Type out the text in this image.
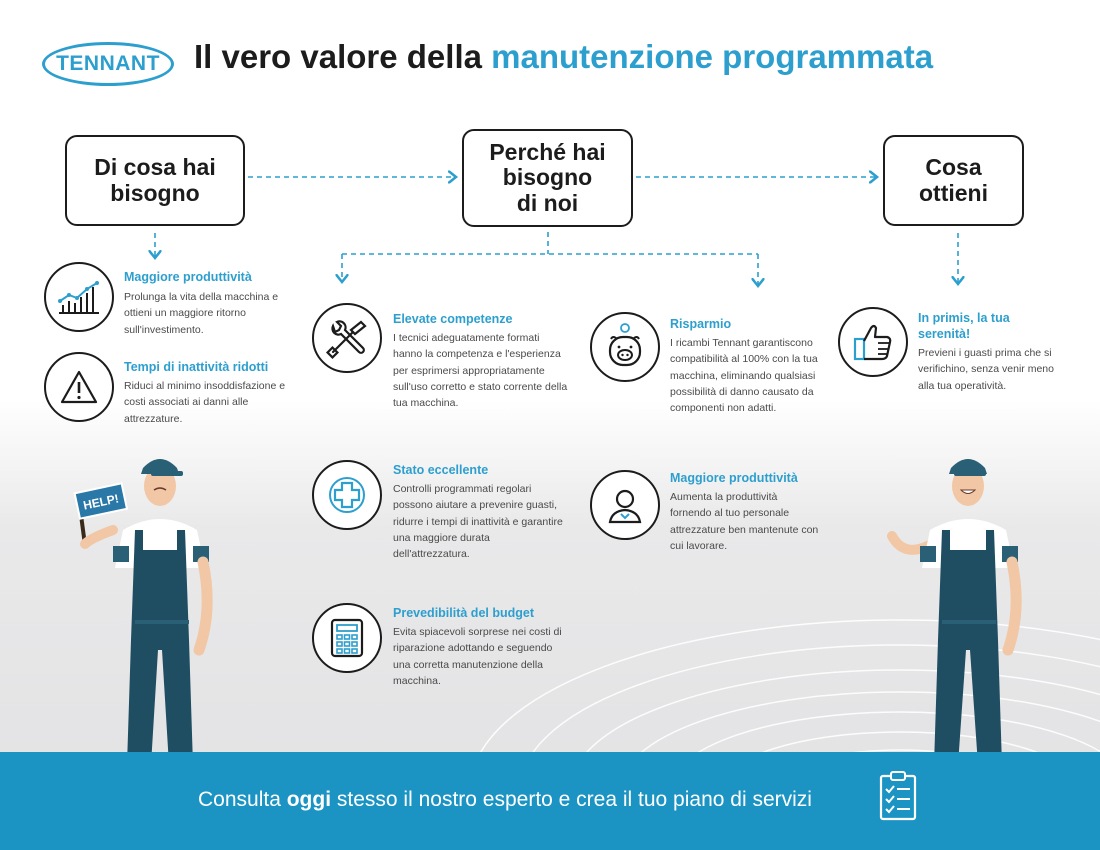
TENNANT Il vero valore della manutenzione programmata
Di cosa hai
bisogno
Perché hai
bisogno
di noi
Cosa
ottieni
Maggiore produttività
Prolunga la vita della macchina e ottieni un maggiore ritorno sull'investimento.
Tempi di inattività ridotti
Riduci al minimo insoddisfazione e costi associati ai danni alle attrezzature.
Elevate competenze
I tecnici adeguatamente formati hanno la competenza e l'esperienza per esprimersi appropriatamente sull'uso corretto e stato corrente della tua macchina.
Stato eccellente
Controlli programmati regolari possono aiutare a prevenire guasti, ridurre i tempi di inattività e garantire una maggiore durata dell'attrezzatura.
Prevedibilità del budget
Evita spiacevoli sorprese nei costi di riparazione adottando e seguendo una corretta manutenzione della macchina.
Risparmio
I ricambi Tennant garantiscono compatibilità al 100% con la tua macchina, eliminando qualsiasi possibilità di danno causato da componenti non adatti.
Maggiore produttività
Aumenta la produttività fornendo al tuo personale attrezzature ben mantenute con cui lavorare.
In primis, la tua serenità!
Previeni i guasti prima che si verifichino, senza venir meno alla tua operatività.
HELP!
Consulta oggi stesso il nostro esperto e crea il tuo piano di servizi
